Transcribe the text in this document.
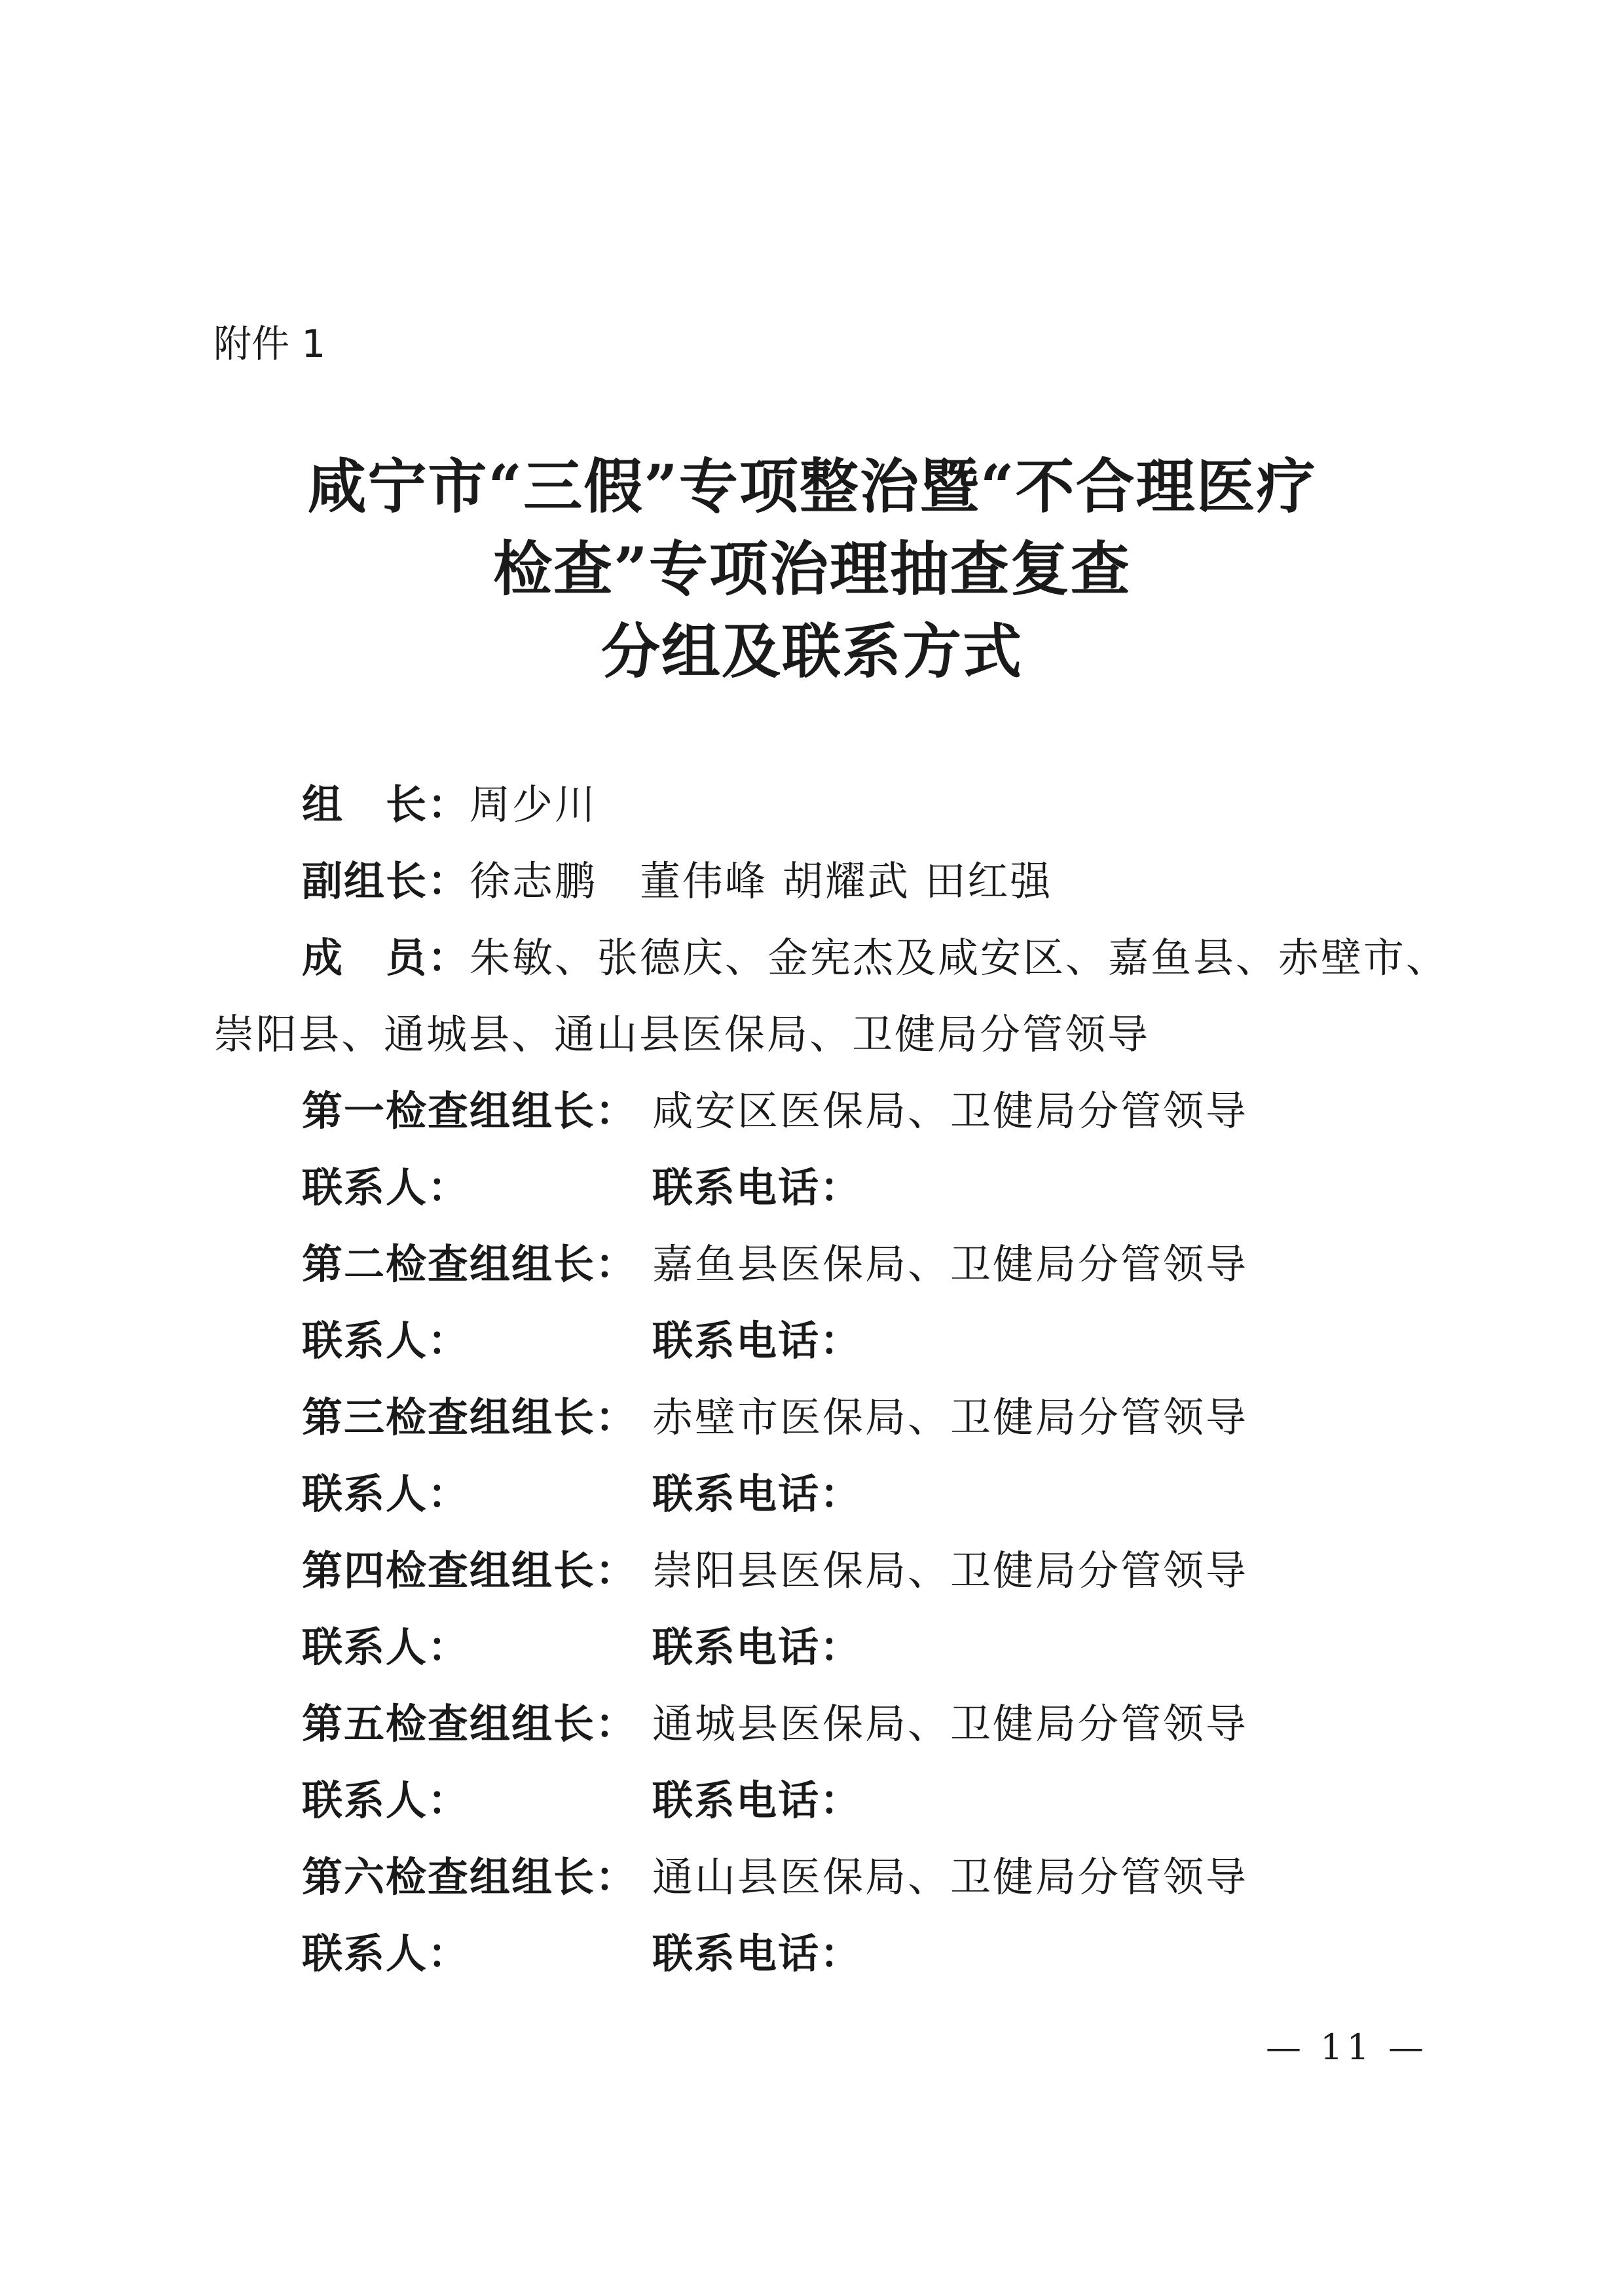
附件 1
咸宁市“三假”专项整治暨“不合理医疗
检查”专项治理抽查复查
分组及联系方式
组　长：周少川
副组长：徐志鹏　董伟峰 胡耀武 田红强
成　员：朱敏、张德庆、金宪杰及咸安区、嘉鱼县、赤壁市、
崇阳县、通城县、通山县医保局、卫健局分管领导
第一检查组组长： 咸安区医保局、卫健局分管领导
联系人：	联系电话：
第二检查组组长： 嘉鱼县医保局、卫健局分管领导
联系人：	联系电话：
第三检查组组长： 赤壁市医保局、卫健局分管领导
联系人：	联系电话：
第四检查组组长： 崇阳县医保局、卫健局分管领导
联系人：	联系电话：
第五检查组组长： 通城县医保局、卫健局分管领导
联系人：	联系电话：
第六检查组组长： 通山县医保局、卫健局分管领导
联系人：	联系电话：
— 11 —
